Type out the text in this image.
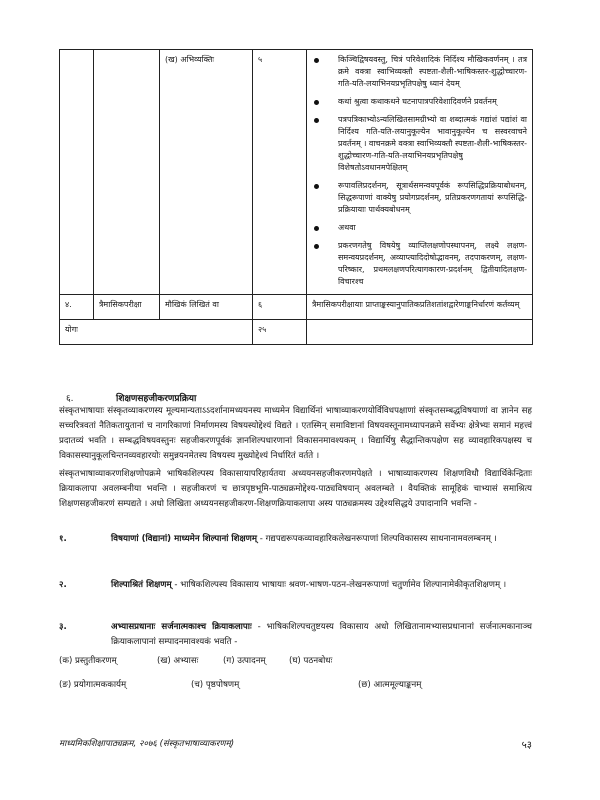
		(ख) अभिव्यक्तिः	५	किञ्चिद्विषयवस्तु, चित्रं परिवेशादिकं निर्दिश्य मौखिकवर्णनम् । तत्र क्रमे वक्त्रा स्वाभिव्यक्तौ स्पष्टता-शैली-भाषिकस्तर-शुद्धोच्चारण-गति-यति-लयाभिनयप्रभृतिपक्षेषु ध्यानं देयम्
कथां श्रुत्वा कथाकथने घटनापात्रपरिवेशादिवर्णने प्रवर्तनम्
पत्रपत्रिकाभ्योऽन्यलिखितसामग्रीभ्यो वा शब्दात्मकं गद्यांशं पद्यांशं वा निर्दिश्य गति-यति-लयानुकूल्येन भावानुकूल्येन च सस्वरवाचने प्रवर्तनम् । वाचनक्रमे वक्त्रा स्वाभिव्यक्तौ स्पष्टता-शैली-भाषिकस्तर-शुद्धोच्चारण-गति-यति-लयाभिनयप्रभृतिपक्षेषु विशेषतोऽवधानमपेक्षितम्
रूपावलिप्रदर्शनम्, सूत्रार्थसमन्वयपूर्वकं रूपसिद्धिप्रक्रियाबोधनम्, सिद्धरूपाणां वाक्येषु प्रयोगप्रदर्शनम्, प्रतिप्रकरणगतायां रूपसिद्धि-प्रक्रियायाः पार्थक्यबोधनम्
अथवा
प्रकरणगतेषु विषयेषु व्याप्तिलक्षणोपस्थापनम्, लक्ष्ये लक्षण-समन्वयप्रदर्शनम्, अव्याप्त्यादिदोषोद्भावनम्, तदपाकरणम्, लक्षण-परिष्कार, प्रथमलक्षणपरित्यागकारण-प्रदर्शनम् द्वितीयादिलक्षण-विचारश्च

४.	त्रैमासिकपरीक्षा	मौखिकं लिखितं वा	६	त्रैमासिकपरीक्षायाः प्राप्ताङ्कस्यानुपातिकप्रतिशतांशद्वारेणाङ्कनिर्धारणं कर्तव्यम्
योगः			२५	
६.	शिक्षणसहजीकरणप्रक्रिया
संस्कृतभाषायाः संस्कृतव्याकरणस्य मूल्यमान्यताऽऽदर्शानामध्ययनस्य माध्यमेन विद्यार्थिनां भाषाव्याकरणयोर्विविधपक्षाणां संस्कृतसम्बद्धविषयाणां वा ज्ञानेन सह सच्चरित्रवतां नैतिकतायुतानां च नागरिकाणां निर्माणमस्य विषयस्योद्देश्यं विद्यते । एतस्मिन् समाविष्टानां विषयवस्तूनामध्यापनक्रमे सर्वेभ्यः क्षेत्रेभ्यः समानं महत्त्वं प्रदातव्यं भवति । सम्बद्धविषयवस्तुनः सहजीकरणपूर्वकं ज्ञानशिल्पधारणानां विकासनमावश्यकम् । विद्यार्थिषु सैद्धान्तिकपक्षेण सह व्यावहारिकपक्षस्य च विकासस्यानुकूलचिन्तनव्यवहारयोः समुन्नयनमेतस्य विषयस्य मुख्योद्देश्यं निर्धारितं वर्तते ।
संस्कृतभाषाव्याकरणशिक्षणोपक्रमे भाषिकशिल्पस्य विकासायापरिहार्यतया अध्ययनसहजीकरणमपेक्षते । भाषाव्याकरणस्य शिक्षणविधौ विद्यार्थिकेन्द्रिताः क्रियाकलापा अवलम्बनीया भवन्ति । सहजीकरणं च छात्रपृष्ठभूमि-पाठ्यक्रमोद्देश्य-पाठ्यविषयान् अवलम्बते । वैयक्तिकं सामूहिकं चाभ्यासं समाश्रित्य शिक्षणसहजीकरणं सम्पद्यते । अधो लिखिता अध्ययनसहजीकरण-शिक्षणक्रियाकलापा अस्य पाठ्यक्रमस्य उद्देश्यसिद्धये उपादानानि भवन्ति -
१.	विषयाणां (विद्यानां) माध्यमेन शिल्पानां शिक्षणम् - गद्यपद्यरूपकव्यावहारिकलेखनरूपाणां शिल्पविकासस्य साधनानामवलम्बनम् ।
२.	शिल्पाश्रितं शिक्षणम् - भाषिकशिल्पस्य विकासाय भाषायाः श्रवण-भाषण-पठन-लेखनरूपाणां चतुर्णामेव शिल्पानामेकीकृतशिक्षणम् ।
३.	अभ्यासप्रधानाः सर्जनात्मकाश्च क्रियाकलापाः - भाषिकशिल्पचतुष्टयस्य विकासाय अधो लिखितानामभ्यासप्रधानानां सर्जनात्मकानाञ्च क्रियाकलापानां सम्पादनमावश्यकं भवति -
(क) प्रस्तुतीकरणम्	(ख) अभ्यासः	(ग) उत्पादनम्	(घ) पठनबोधः
(ङ) प्रयोगात्मककार्यम्	(च) पृष्ठपोषणम्	(छ) आत्ममूल्याङ्कनम्
माध्यमिकशिक्षापाठ्यक्रम, २०७६ (संस्कृतभाषाव्याकरणम्)	५३
